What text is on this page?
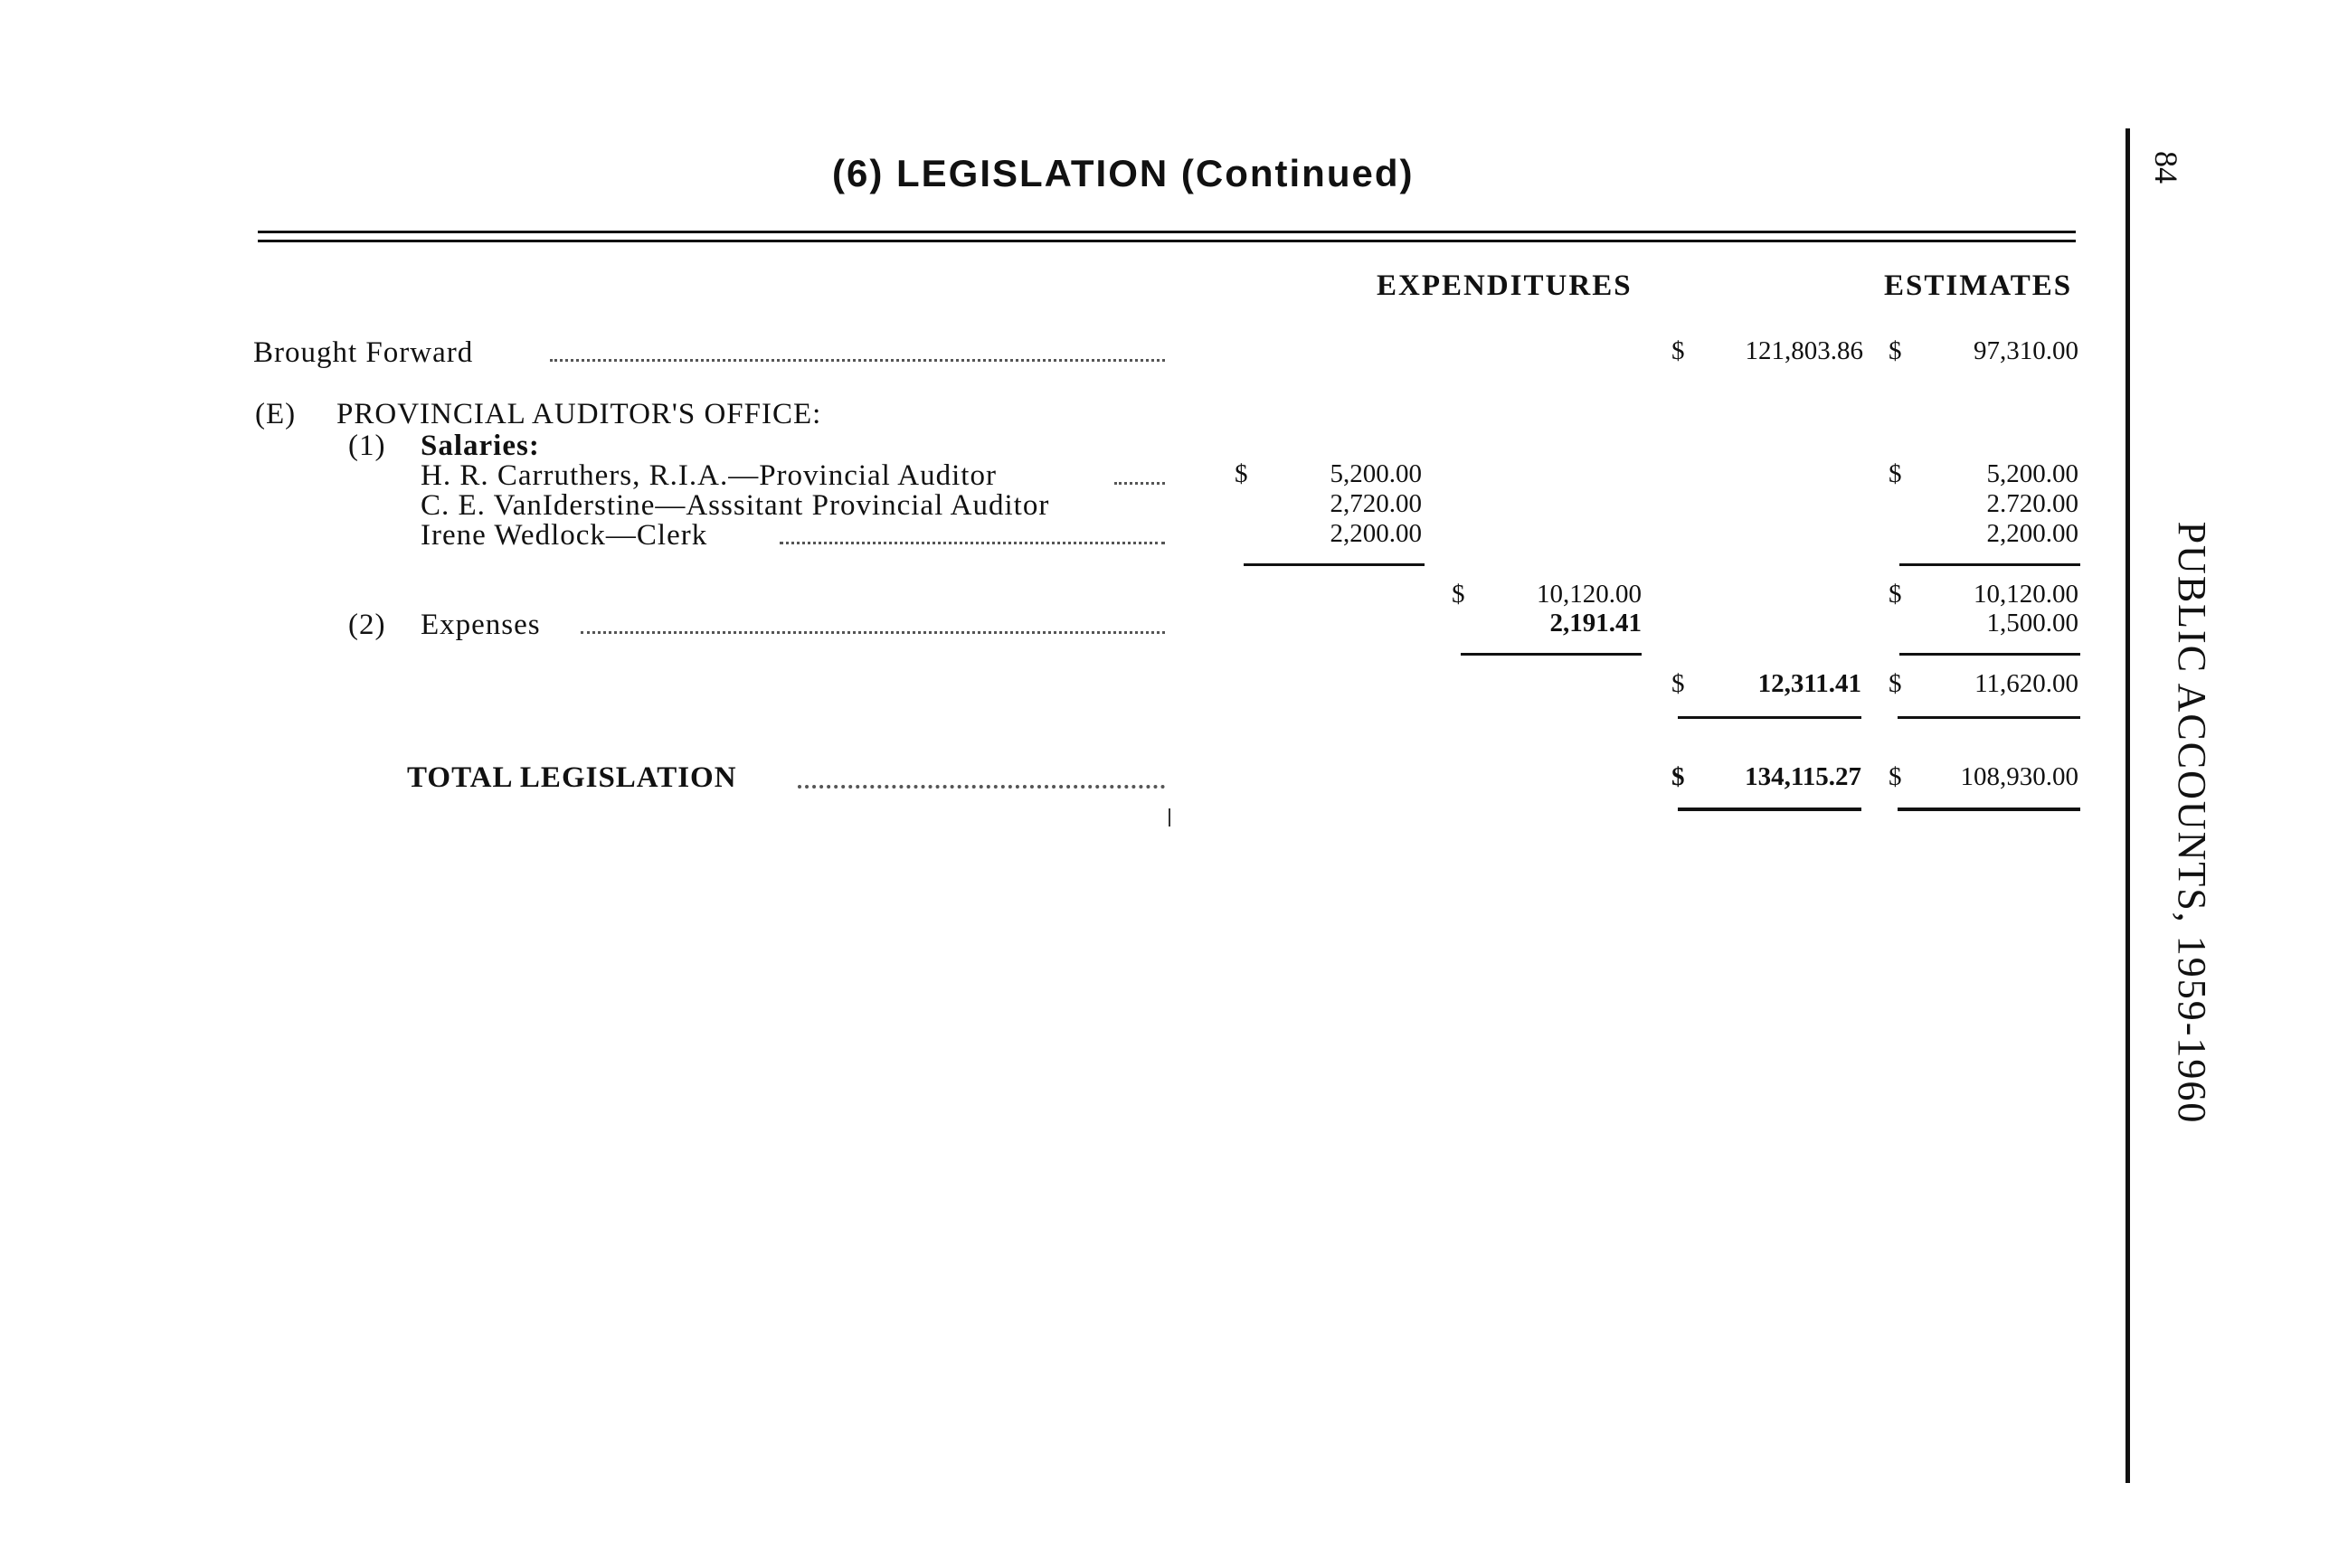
(6) LEGISLATION (Continued)
EXPENDITURES	ESTIMATES
Brought Forward	$	121,803.86 $	97,310.00
(E) PROVINCIAL AUDITOR'S OFFICE:
(1) Salaries:
H. R. Carruthers, R.I.A.—Provincial Auditor	$	5,200.00	$	5,200.00
C. E. VanIderstine—Asssitant Provincial Auditor	2,720.00	2.720.00
Irene Wedlock—Clerk	2,200.00	2,200.00
$	10,120.00	$	10,120.00
(2) Expenses	2,191.41	1,500.00
$	12,311.41 $	11,620.00
TOTAL LEGISLATION	$	134,115.27 $	108,930.00
84
PUBLIC ACCOUNTS, 1959-1960
